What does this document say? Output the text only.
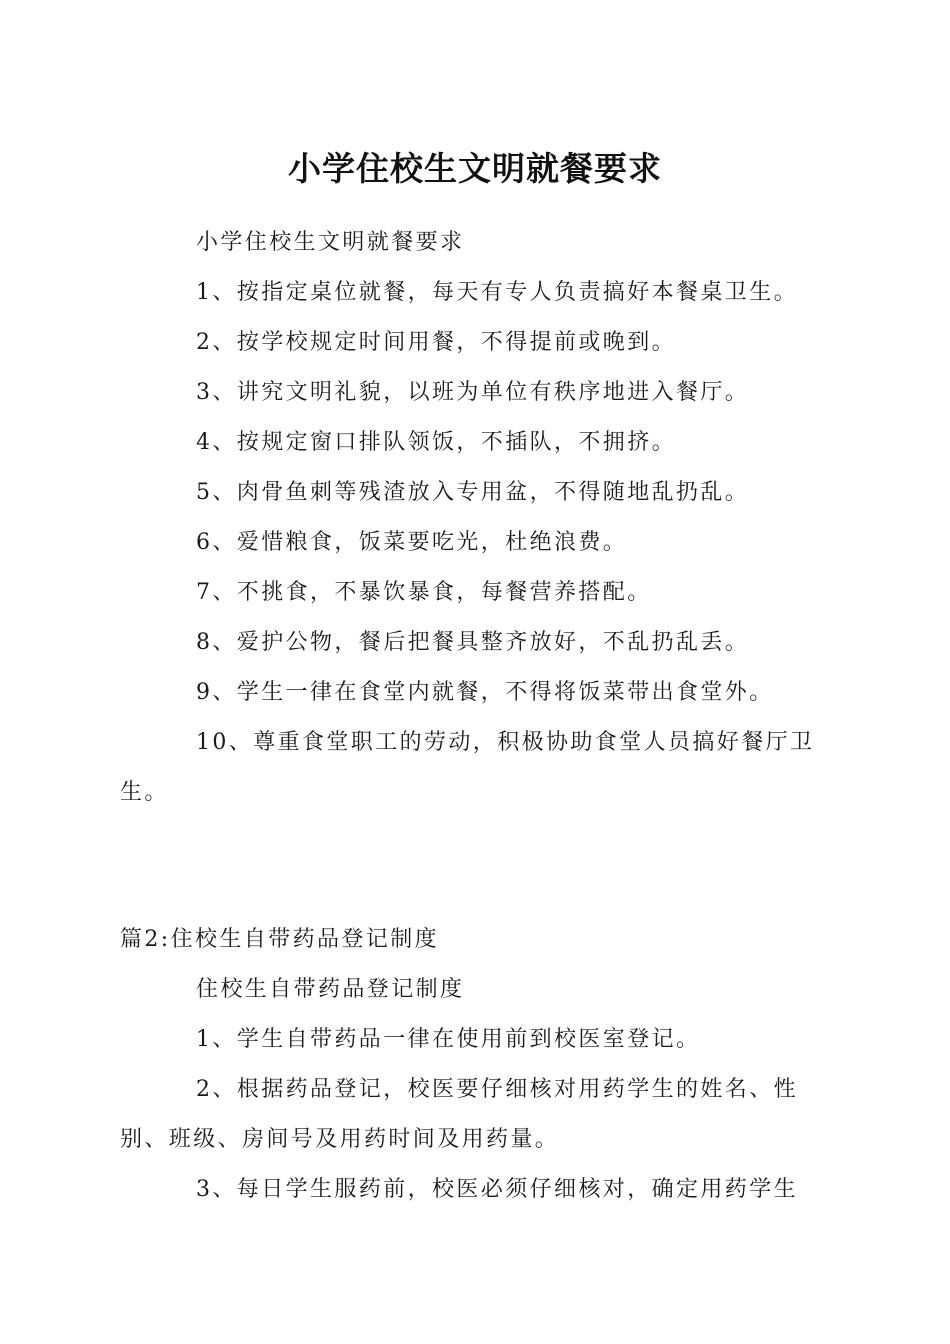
小学住校生文明就餐要求

小学住校生文明就餐要求

1、按指定桌位就餐，每天有专人负责搞好本餐桌卫生。

2、按学校规定时间用餐，不得提前或晚到。

3、讲究文明礼貌，以班为单位有秩序地进入餐厅。

4、按规定窗口排队领饭，不插队，不拥挤。

5、肉骨鱼刺等残渣放入专用盆，不得随地乱扔乱。

6、爱惜粮食，饭菜要吃光，杜绝浪费。

7、不挑食，不暴饮暴食，每餐营养搭配。

8、爱护公物，餐后把餐具整齐放好，不乱扔乱丢。

9、学生一律在食堂内就餐，不得将饭菜带出食堂外。

10、尊重食堂职工的劳动，积极协助食堂人员搞好餐厅卫生。

篇2:住校生自带药品登记制度

住校生自带药品登记制度

1、学生自带药品一律在使用前到校医室登记。

2、根据药品登记，校医要仔细核对用药学生的姓名、性别、班级、房间号及用药时间及用药量。

3、每日学生服药前，校医必须仔细核对，确定用药学生
